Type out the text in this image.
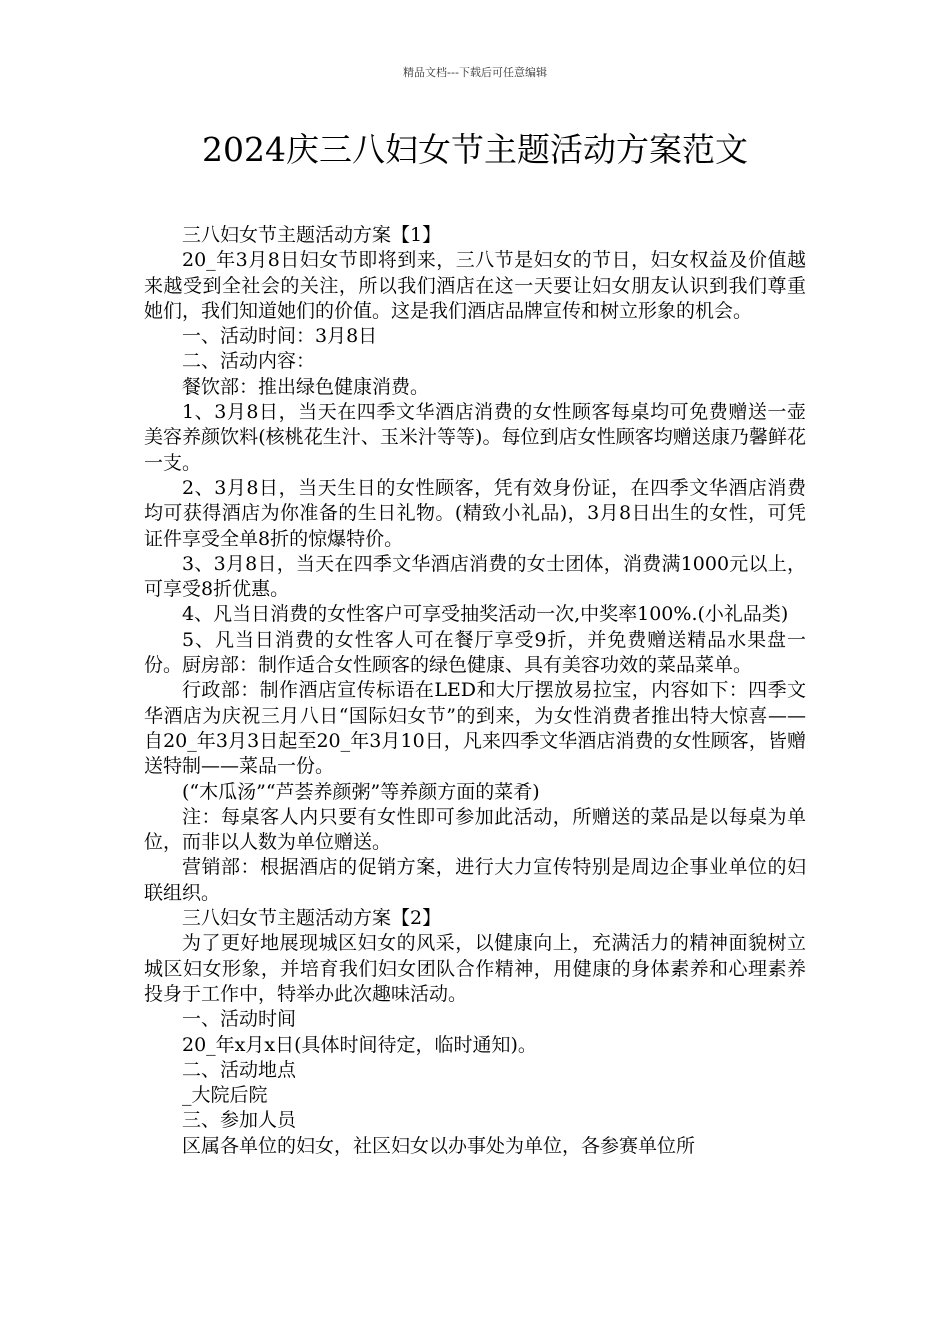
精品文档---下载后可任意编辑
2024庆三八妇女节主题活动方案范文

三八妇女节主题活动方案【1】

20_年3月8日妇女节即将到来，三八节是妇女的节日，妇女权益及价值越来越受到全社会的关注，所以我们酒店在这一天要让妇女朋友认识到我们尊重她们，我们知道她们的价值。这是我们酒店品牌宣传和树立形象的机会。

一、活动时间：3月8日

二、活动内容：

餐饮部：推出绿色健康消费。

1、3月8日，当天在四季文华酒店消费的女性顾客每桌均可免费赠送一壶美容养颜饮料(核桃花生汁、玉米汁等等)。每位到店女性顾客均赠送康乃馨鲜花一支。

2、3月8日，当天生日的女性顾客，凭有效身份证，在四季文华酒店消费均可获得酒店为你准备的生日礼物。(精致小礼品)，3月8日出生的女性，可凭证件享受全单8折的惊爆特价。

3、3月8日，当天在四季文华酒店消费的女士团体，消费满1000元以上，可享受8折优惠。

4、凡当日消费的女性客户可享受抽奖活动一次,中奖率100%.(小礼品类)

5、凡当日消费的女性客人可在餐厅享受9折，并免费赠送精品水果盘一份。厨房部：制作适合女性顾客的绿色健康、具有美容功效的菜品菜单。

行政部：制作酒店宣传标语在LED和大厅摆放易拉宝，内容如下：四季文华酒店为庆祝三月八日“国际妇女节”的到来，为女性消费者推出特大惊喜——自20_年3月3日起至20_年3月10日，凡来四季文华酒店消费的女性顾客，皆赠送特制——菜品一份。

(“木瓜汤”“芦荟养颜粥”等养颜方面的菜肴)

注：每桌客人内只要有女性即可参加此活动，所赠送的菜品是以每桌为单位，而非以人数为单位赠送。

营销部：根据酒店的促销方案，进行大力宣传特别是周边企事业单位的妇联组织。

三八妇女节主题活动方案【2】

为了更好地展现城区妇女的风采，以健康向上，充满活力的精神面貌树立城区妇女形象，并培育我们妇女团队合作精神，用健康的身体素养和心理素养投身于工作中，特举办此次趣味活动。

一、活动时间

20_年x月x日(具体时间待定，临时通知)。

二、活动地点

_大院后院

三、参加人员

区属各单位的妇女，社区妇女以办事处为单位，各参赛单位所
